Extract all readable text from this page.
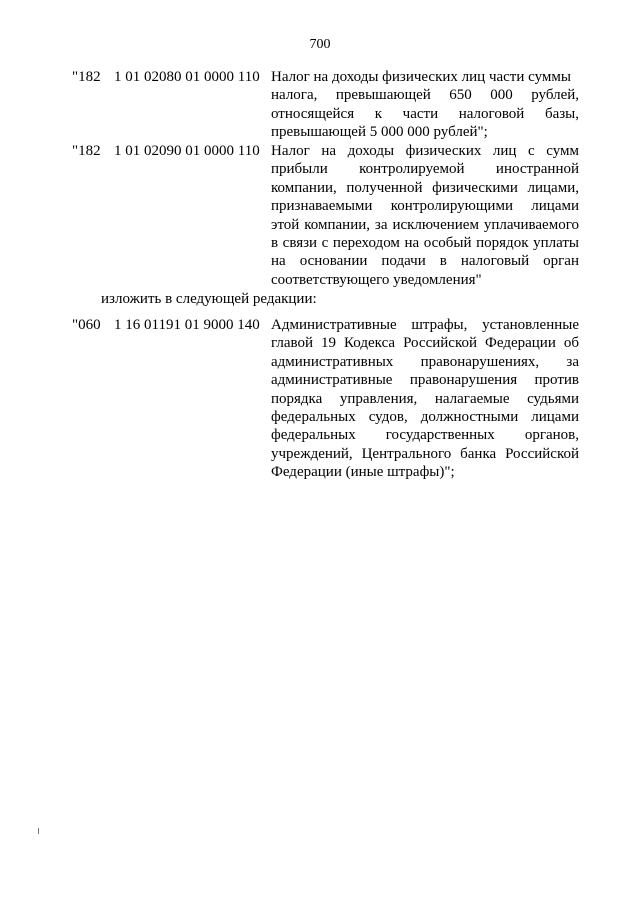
700
"182 1 01 02080 01 0000 110 Налог на доходы физических лиц части суммы
налога, превышающей 650 000 рублей,
относящейся к части налоговой базы,
превышающей 5 000 000 рублей";
"182 1 01 02090 01 0000 110 Налог на доходы физических лиц с сумм
прибыли контролируемой иностранной
компании, полученной физическими лицами,
признаваемыми контролирующими лицами
этой компании, за исключением уплачиваемого
в связи с переходом на особый порядок уплаты
на основании подачи в налоговый орган
соответствующего уведомления"
изложить в следующей редакции:
"060 1 16 01191 01 9000 140 Административные штрафы, установленные
главой 19 Кодекса Российской Федерации об
административных правонарушениях, за
административные правонарушения против
порядка управления, налагаемые судьями
федеральных судов, должностными лицами
федеральных государственных органов,
учреждений, Центрального банка Российской
Федерации (иные штрафы)";
